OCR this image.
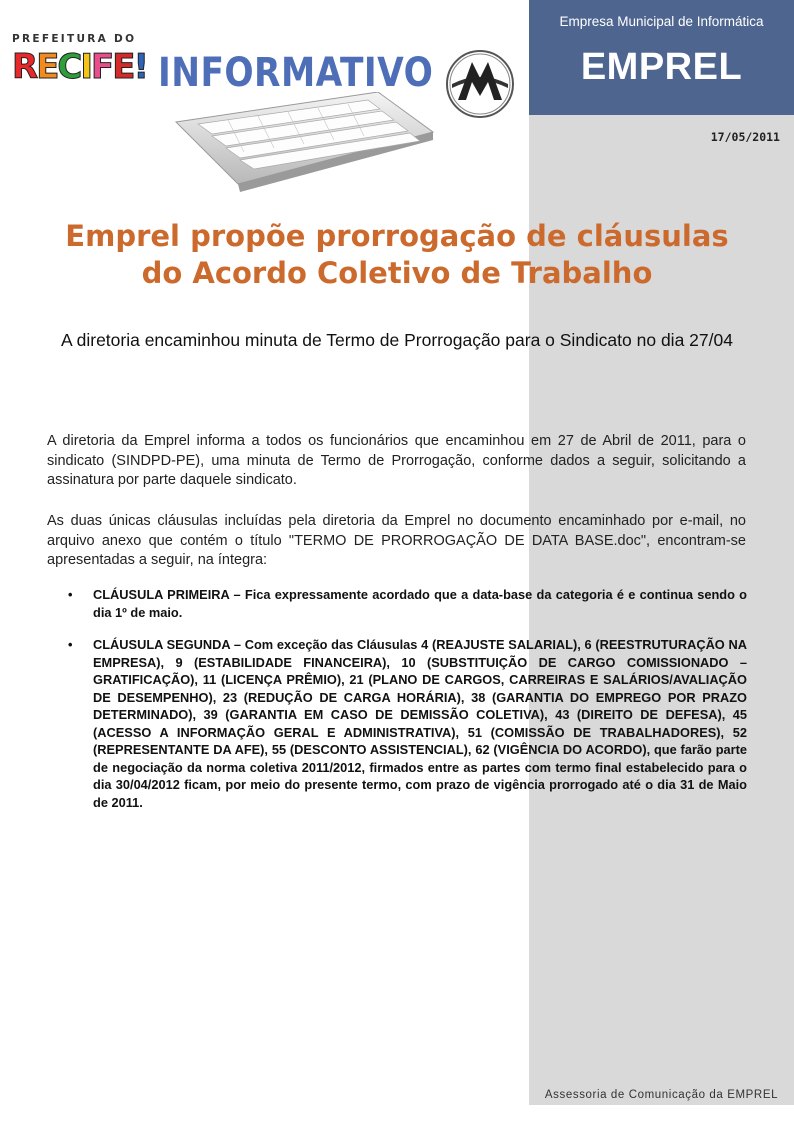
Empresa Municipal de Informática
EMPREL
PREFEITURA DO
RECIFE! INFORMATIVO
17/05/2011
Emprel propõe prorrogação de cláusulas
do Acordo Coletivo de Trabalho
A diretoria encaminhou minuta de Termo de Prorrogação para o Sindicato no dia 27/04
A diretoria da Emprel informa a todos os funcionários que encaminhou em 27 de Abril de 2011, para o sindicato (SINDPD-PE), uma minuta de Termo de Prorrogação, conforme dados a seguir, solicitando a assinatura por parte daquele sindicato.
As duas únicas cláusulas incluídas pela diretoria da Emprel no documento encaminhado por e-mail, no arquivo anexo que contém o título "TERMO DE PRORROGAÇÃO DE DATA BASE.doc", encontram-se apresentadas a seguir, na íntegra:
•	CLÁUSULA PRIMEIRA – Fica expressamente acordado que a data-base da categoria é e continua sendo o dia 1º de maio.
•	CLÁUSULA SEGUNDA – Com exceção das Cláusulas 4 (REAJUSTE SALARIAL), 6 (REESTRUTURAÇÃO NA EMPRESA), 9 (ESTABILIDADE FINANCEIRA), 10 (SUBSTITUIÇÃO DE CARGO COMISSIONADO – GRATIFICAÇÃO), 11 (LICENÇA PRÊMIO), 21 (PLANO DE CARGOS, CARREIRAS E SALÁRIOS/AVALIAÇÃO DE DESEMPENHO), 23 (REDUÇÃO DE CARGA HORÁRIA), 38 (GARANTIA DO EMPREGO POR PRAZO DETERMINADO), 39 (GARANTIA EM CASO DE DEMISSÃO COLETIVA), 43 (DIREITO DE DEFESA), 45 (ACESSO A INFORMAÇÃO GERAL E ADMINISTRATIVA), 51 (COMISSÃO DE TRABALHADORES), 52 (REPRESENTANTE DA AFE), 55 (DESCONTO ASSISTENCIAL), 62 (VIGÊNCIA DO ACORDO), que farão parte de negociação da norma coletiva 2011/2012, firmados entre as partes com termo final estabelecido para o dia 30/04/2012 ficam, por meio do presente termo, com prazo de vigência prorrogado até o dia 31 de Maio de 2011.
Assessoria de Comunicação da EMPREL
